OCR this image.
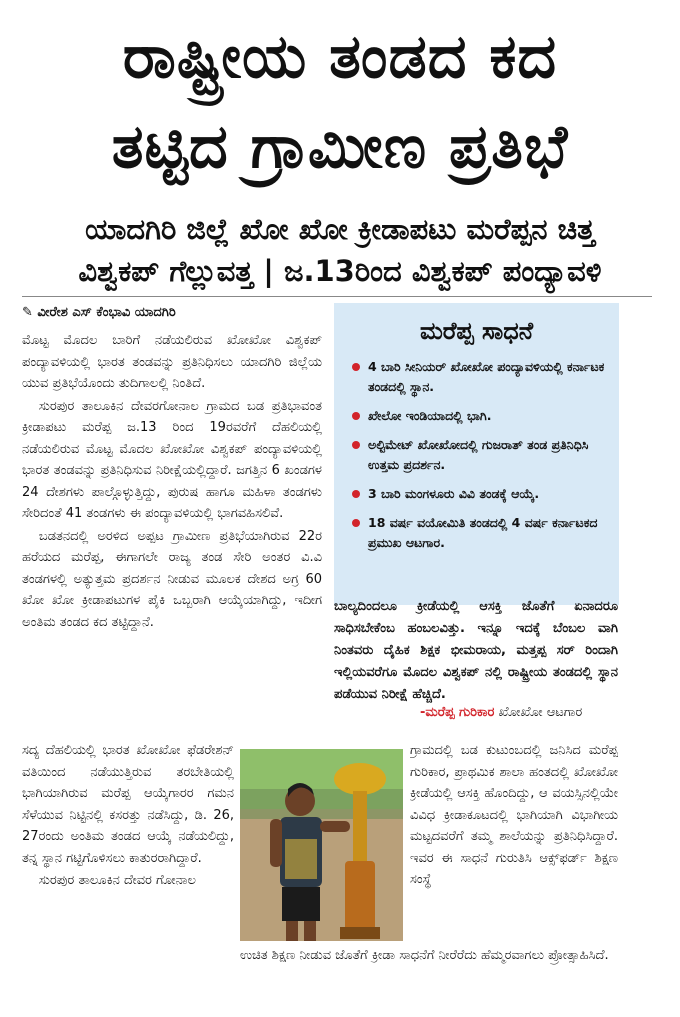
ರಾಷ್ಟ್ರೀಯ ತಂಡದ ಕದ
ತಟ್ಟಿದ ಗ್ರಾಮೀಣ ಪ್ರತಿಭೆ
ಯಾದಗಿರಿ ಜಿಲ್ಲೆ ಖೋ ಖೋ ಕ್ರೀಡಾಪಟು ಮರೆಪ್ಪನ ಚಿತ್ತ
ವಿಶ್ವಕಪ್ ಗೆಲ್ಲುವತ್ತ | ಜ.13ರಿಂದ ವಿಶ್ವಕಪ್ ಪಂದ್ಯಾವಳಿ
✎ ವೀರೇಶ ಎಸ್ ಕೆಂಭಾವಿ ಯಾದಗಿರಿ

ಮೊಟ್ಟ ಮೊದಲ ಬಾರಿಗೆ ನಡೆಯಲಿರುವ ಖೋಖೋ ವಿಶ್ವಕಪ್ ಪಂದ್ಯಾವಳಿಯಲ್ಲಿ ಭಾರತ ತಂಡವನ್ನು ಪ್ರತಿನಿಧಿಸಲು ಯಾದಗಿರಿ ಜಿಲ್ಲೆಯ ಯುವ ಪ್ರತಿಭೆಯೊಂದು ತುದಿಗಾಲಲ್ಲಿ ನಿಂತಿದೆ.

ಸುರಪುರ ತಾಲೂಕಿನ ದೇವರಗೋನಾಲ ಗ್ರಾಮದ ಬಡ ಪ್ರತಿಭಾವಂತ ಕ್ರೀಡಾಪಟು ಮರೆಪ್ಪ ಜ.13 ರಿಂದ 19ರವರೆಗೆ ದೆಹಲಿಯಲ್ಲಿ ನಡೆಯಲಿರುವ ಮೊಟ್ಟ ಮೊದಲ ಖೋಖೋ ವಿಶ್ವಕಪ್ ಪಂದ್ಯಾವಳಿಯಲ್ಲಿ ಭಾರತ ತಂಡವನ್ನು ಪ್ರತಿನಿಧಿಸುವ ನಿರೀಕ್ಷೆಯಲ್ಲಿದ್ದಾರೆ. ಜಗತ್ತಿನ 6 ಖಂಡಗಳ 24 ದೇಶಗಳು ಪಾಲ್ಗೊಳ್ಳುತ್ತಿದ್ದು, ಪುರುಷ ಹಾಗೂ ಮಹಿಳಾ ತಂಡಗಳು ಸೇರಿದಂತೆ 41 ತಂಡಗಳು ಈ ಪಂದ್ಯಾವಳಿಯಲ್ಲಿ ಭಾಗವಹಿಸಲಿವೆ.

ಬಡತನದಲ್ಲಿ ಅರಳಿದ ಅಪ್ಪಟ ಗ್ರಾಮೀಣ ಪ್ರತಿಭೆಯಾಗಿರುವ 22ರ ಹರೆಯದ ಮರೆಪ್ಪ, ಈಗಾಗಲೇ ರಾಜ್ಯ ತಂಡ ಸೇರಿ ಅಂತರ ವಿ.ವಿ ತಂಡಗಳಲ್ಲಿ ಅತ್ಯುತ್ತಮ ಪ್ರದರ್ಶನ ನೀಡುವ ಮೂಲಕ ದೇಶದ ಅಗ್ರ 60 ಖೋ ಖೋ ಕ್ರೀಡಾಪಟುಗಳ ಪೈಕಿ ಒಬ್ಬರಾಗಿ ಆಯ್ಕೆಯಾಗಿದ್ದು, ಇದೀಗ ಅಂತಿಮ ತಂಡದ ಕದ ತಟ್ಟಿದ್ದಾನೆ.

ಸದ್ಯ ದೆಹಲಿಯಲ್ಲಿ ಭಾರತ ಖೋಖೋ ಫೆಡರೇಶನ್ ವತಿಯಿಂದ ನಡೆಯುತ್ತಿರುವ ತರಬೇತಿಯಲ್ಲಿ ಭಾಗಿಯಾಗಿರುವ ಮರೆಪ್ಪ ಆಯ್ಕೆಗಾರರ ಗಮನ ಸೆಳೆಯುವ ನಿಟ್ಟಿನಲ್ಲಿ ಕಸರತ್ತು ನಡೆಸಿದ್ದು, ಡಿ. 26, 27ರಂದು ಅಂತಿಮ ತಂಡದ ಆಯ್ಕೆ ನಡೆಯಲಿದ್ದು, ತನ್ನ ಸ್ಥಾನ ಗಟ್ಟಿಗೊಳಿಸಲು ಕಾತುರರಾಗಿದ್ದಾರೆ.

ಸುರಪುರ ತಾಲೂಕಿನ ದೇವರ ಗೋನಾಲ

ಮರೆಪ್ಪ ಸಾಧನೆ
4 ಬಾರಿ ಸೀನಿಯರ್ ಖೋಖೋ ಪಂದ್ಯಾವಳಿಯಲ್ಲಿ ಕರ್ನಾಟಕ ತಂಡದಲ್ಲಿ ಸ್ಥಾನ.
ಖೇಲೋ ಇಂಡಿಯಾದಲ್ಲಿ ಭಾಗಿ.
ಅಲ್ಟಿಮೇಟ್ ಖೋಖೋದಲ್ಲಿ ಗುಜರಾತ್ ತಂಡ ಪ್ರತಿನಿಧಿಸಿ ಉತ್ತಮ ಪ್ರದರ್ಶನ.
3 ಬಾರಿ ಮಂಗಳೂರು ವಿವಿ ತಂಡಕ್ಕೆ ಆಯ್ಕೆ.
18 ವರ್ಷ ವಯೋಮಿತಿ ತಂಡದಲ್ಲಿ 4 ವರ್ಷ ಕರ್ನಾಟಕದ ಪ್ರಮುಖ ಆಟಗಾರ.
ಬಾಲ್ಯದಿಂದಲೂ ಕ್ರೀಡೆಯಲ್ಲಿ ಆಸಕ್ತಿ ಜೊತೆಗೆ ಏನಾದರೂ ಸಾಧಿಸಬೇಕೆಂಬ ಹಂಬಲವಿತ್ತು. ಇನ್ನೂ ಇದಕ್ಕೆ ಬೆಂಬಲ ವಾಗಿ ನಿಂತವರು ದೈಹಿಕ ಶಿಕ್ಷಕ ಭೀಮರಾಯ, ಮತ್ತಪ್ಪ ಸರ್ ರಿಂದಾಗಿ ಇಲ್ಲಿಯವರೆಗೂ ಮೊದಲ ವಿಶ್ವಕಪ್ ನಲ್ಲಿ ರಾಷ್ಟ್ರೀಯ ತಂಡದಲ್ಲಿ ಸ್ಥಾನ ಪಡೆಯುವ ನಿರೀಕ್ಷೆ ಹೆಚ್ಚಿದೆ.
-ಮರೆಪ್ಪ ಗುರಿಕಾರ ಖೋಖೋ ಆಟಗಾರ

ಗ್ರಾಮದಲ್ಲಿ ಬಡ ಕುಟುಂಬದಲ್ಲಿ ಜನಿಸಿದ ಮರೆಪ್ಪ ಗುರಿಕಾರ, ಪ್ರಾಥಮಿಕ ಶಾಲಾ ಹಂತದಲ್ಲಿ ಖೋಖೋ ಕ್ರೀಡೆಯಲ್ಲಿ ಆಸಕ್ತಿ ಹೊಂದಿದ್ದು, ಆ ವಯಸ್ಸಿನಲ್ಲಿಯೇ ವಿವಿಧ ಕ್ರೀಡಾಕೂಟದಲ್ಲಿ ಭಾಗಿಯಾಗಿ ವಿಭಾಗೀಯ ಮಟ್ಟದವರೆಗೆ ತಮ್ಮ ಶಾಲೆಯನ್ನು ಪ್ರತಿನಿಧಿಸಿದ್ದಾರೆ. ಇವರ ಈ ಸಾಧನೆ ಗುರುತಿಸಿ ಆಕ್ಸ್‌ಫರ್ಡ್ ಶಿಕ್ಷಣ ಸಂಸ್ಥೆ

ಉಚಿತ ಶಿಕ್ಷಣ ನೀಡುವ ಜೊತೆಗೆ ಕ್ರೀಡಾ ಸಾಧನೆಗೆ ನೀರೆರೆದು ಹೆಮ್ಮರವಾಗಲು ಪ್ರೋತ್ಸಾಹಿಸಿದೆ.
